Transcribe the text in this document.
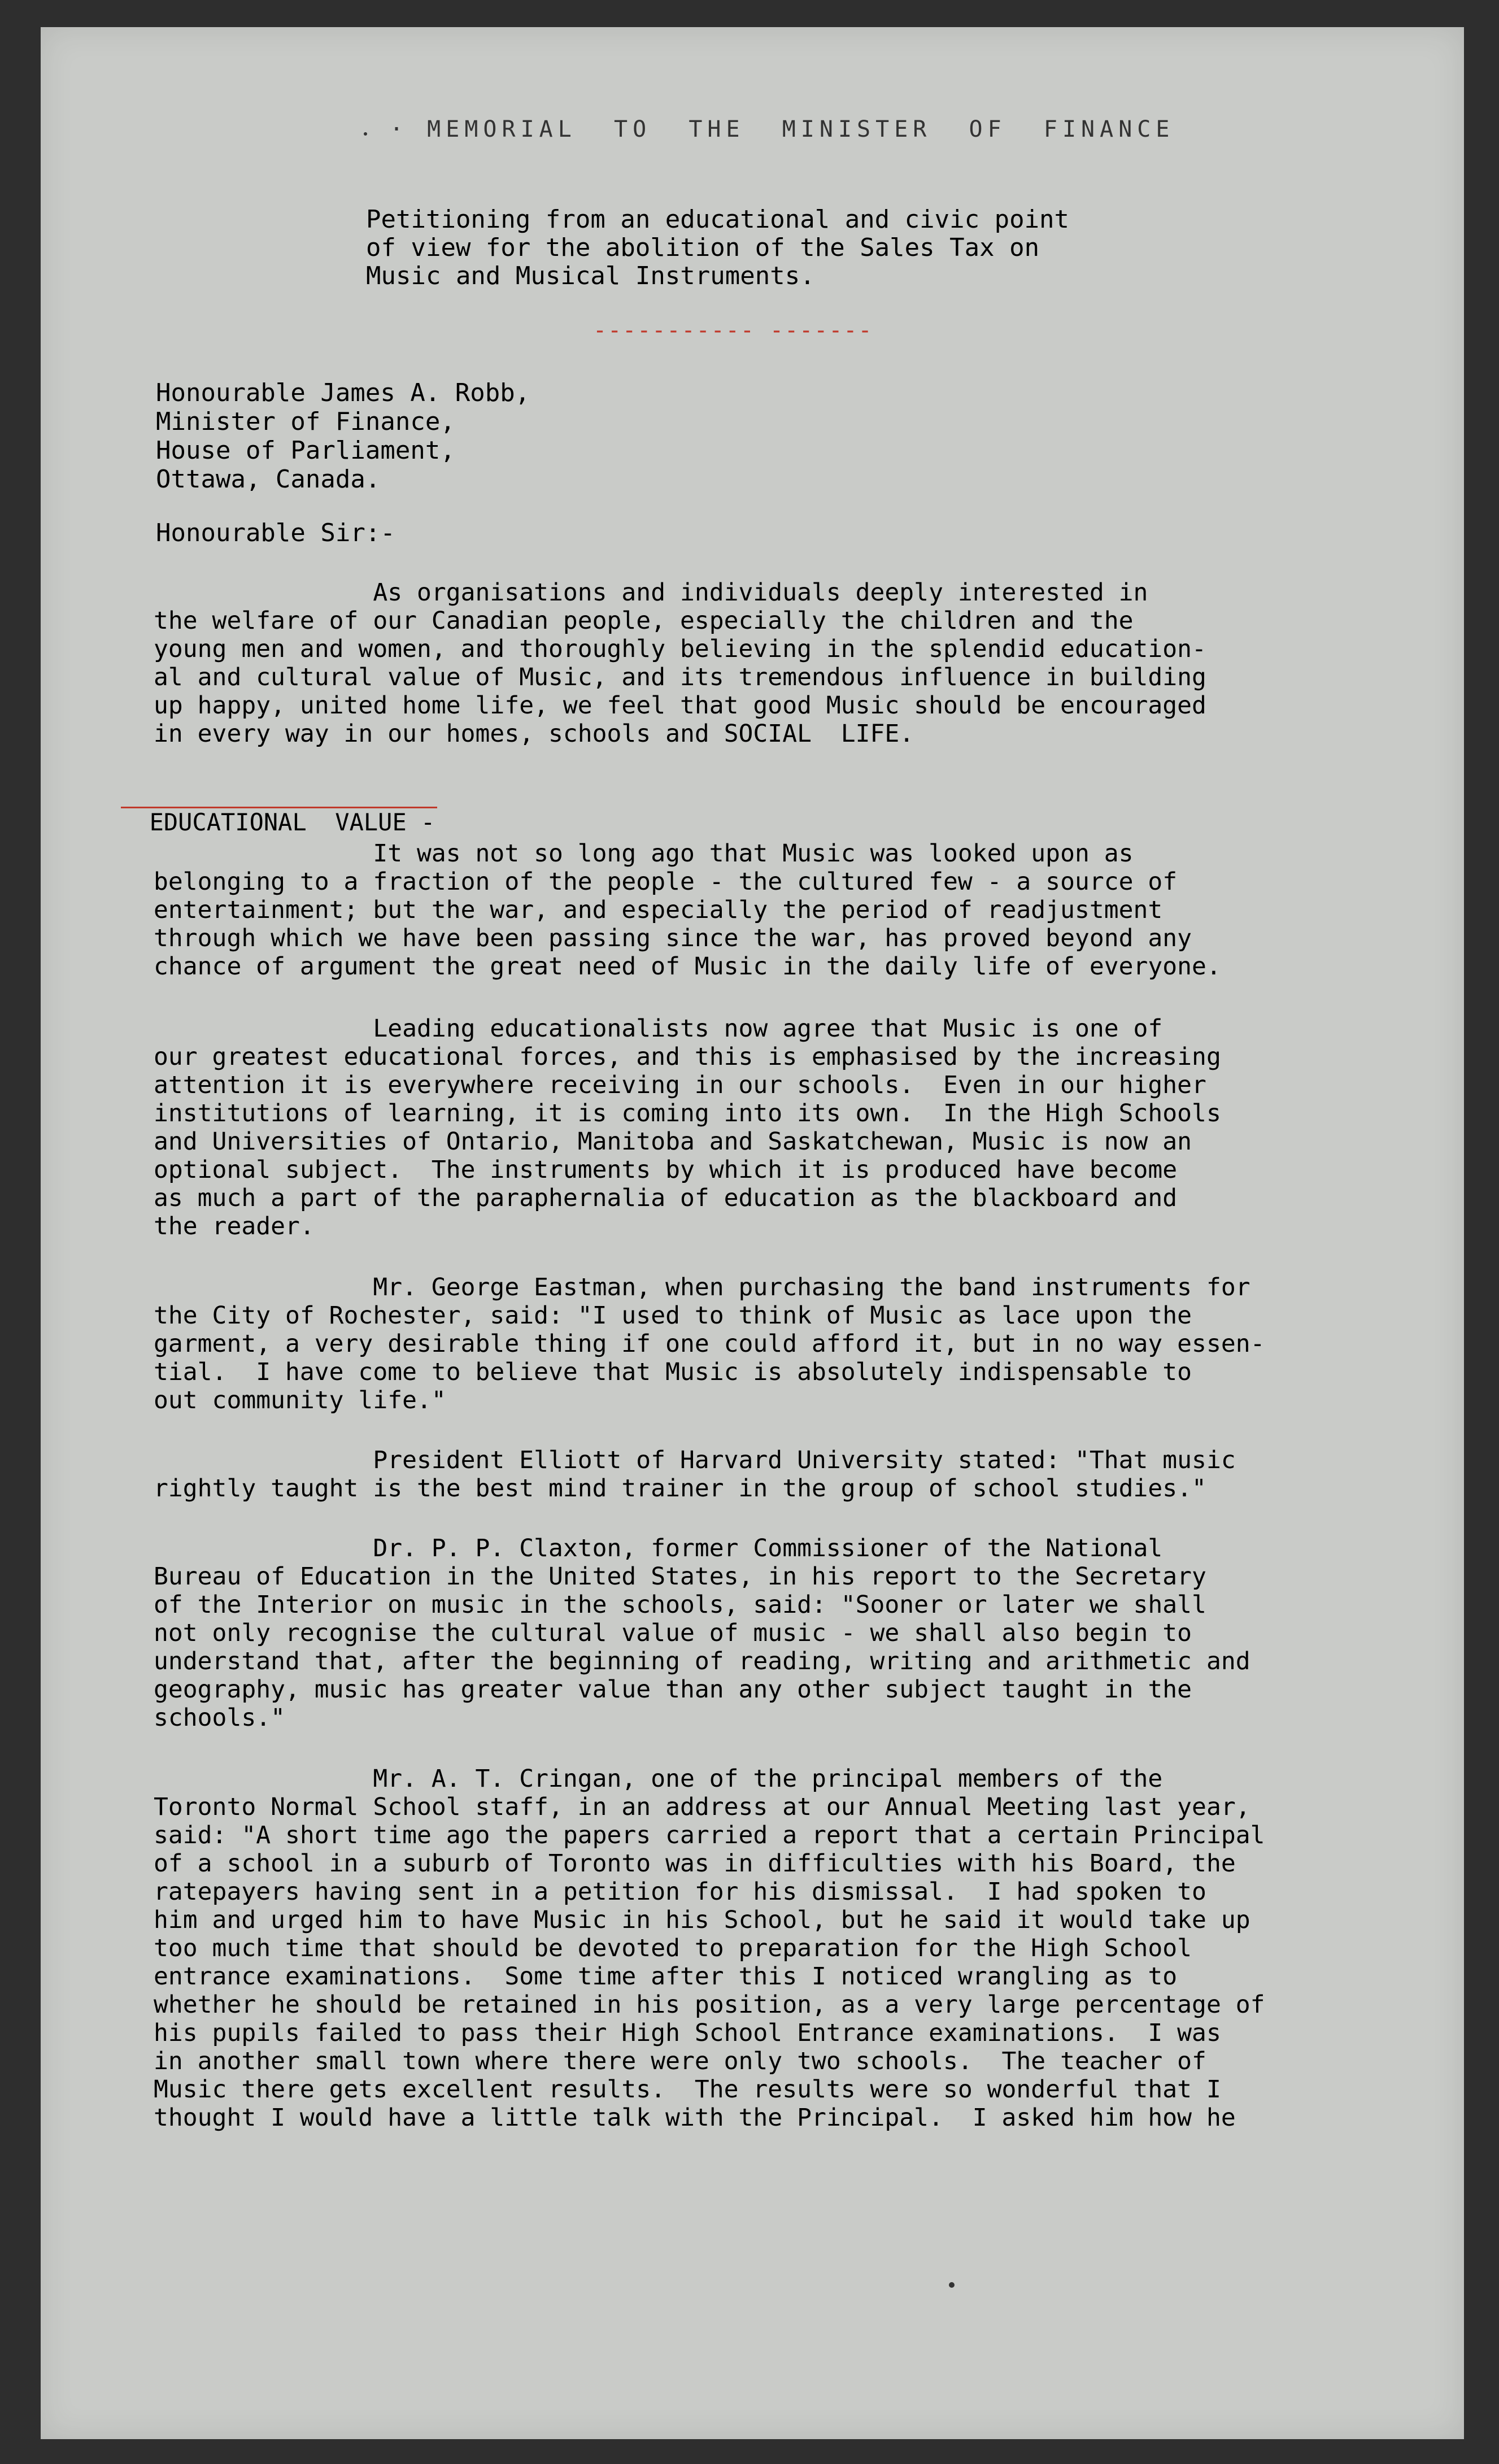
· MEMORIAL  TO  THE  MINISTER  OF  FINANCE
Petitioning from an educational and civic point
of view for the abolition of the Sales Tax on
Music and Musical Instruments.
----------- -------
Honourable James A. Robb,
Minister of Finance,
House of Parliament,
Ottawa, Canada.
Honourable Sir:-
As organisations and individuals deeply interested in
the welfare of our Canadian people, especially the children and the
young men and women, and thoroughly believing in the splendid education-
al and cultural value of Music, and its tremendous influence in building
up happy, united home life, we feel that good Music should be encouraged
in every way in our homes, schools and SOCIAL  LIFE.

EDUCATIONAL  VALUE -

It was not so long ago that Music was looked upon as
belonging to a fraction of the people - the cultured few - a source of
entertainment; but the war, and especially the period of readjustment
through which we have been passing since the war, has proved beyond any
chance of argument the great need of Music in the daily life of everyone.
Leading educationalists now agree that Music is one of
our greatest educational forces, and this is emphasised by the increasing
attention it is everywhere receiving in our schools.  Even in our higher
institutions of learning, it is coming into its own.  In the High Schools
and Universities of Ontario, Manitoba and Saskatchewan, Music is now an
optional subject.  The instruments by which it is produced have become
as much a part of the paraphernalia of education as the blackboard and
the reader.
Mr. George Eastman, when purchasing the band instruments for
the City of Rochester, said: "I used to think of Music as lace upon the
garment, a very desirable thing if one could afford it, but in no way essen-
tial.  I have come to believe that Music is absolutely indispensable to
out community life."
President Elliott of Harvard University stated: "That music
rightly taught is the best mind trainer in the group of school studies."
Dr. P. P. Claxton, former Commissioner of the National
Bureau of Education in the United States, in his report to the Secretary
of the Interior on music in the schools, said: "Sooner or later we shall
not only recognise the cultural value of music - we shall also begin to
understand that, after the beginning of reading, writing and arithmetic and
geography, music has greater value than any other subject taught in the
schools."
Mr. A. T. Cringan, one of the principal members of the
Toronto Normal School staff, in an address at our Annual Meeting last year,
said: "A short time ago the papers carried a report that a certain Principal
of a school in a suburb of Toronto was in difficulties with his Board, the
ratepayers having sent in a petition for his dismissal.  I had spoken to
him and urged him to have Music in his School, but he said it would take up
too much time that should be devoted to preparation for the High School
entrance examinations.  Some time after this I noticed wrangling as to
whether he should be retained in his position, as a very large percentage of
his pupils failed to pass their High School Entrance examinations.  I was
in another small town where there were only two schools.  The teacher of
Music there gets excellent results.  The results were so wonderful that I
thought I would have a little talk with the Principal.  I asked him how he
